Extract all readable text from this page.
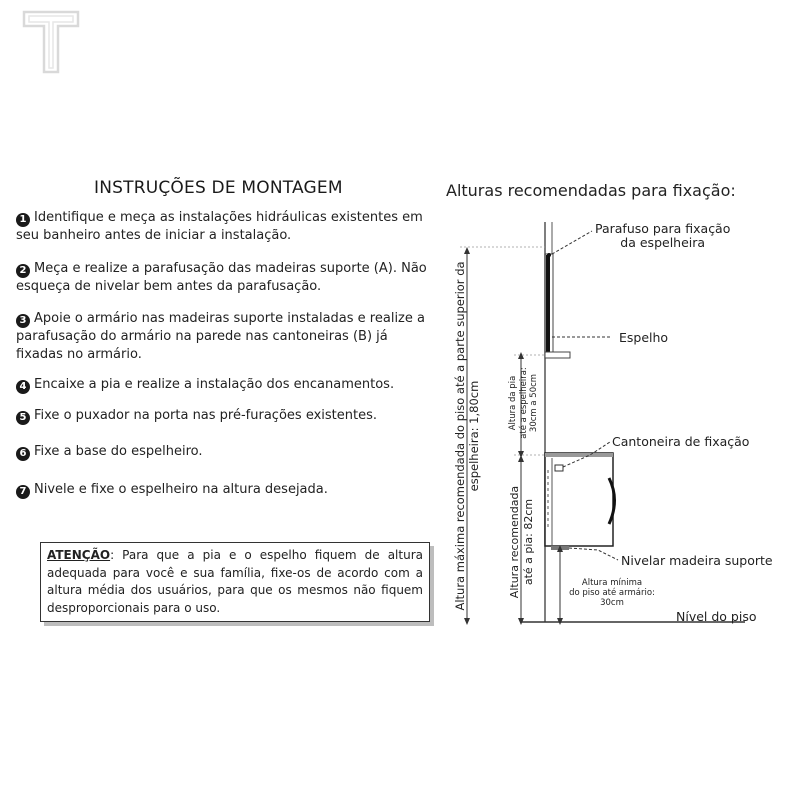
INSTRUÇÕES DE MONTAGEM
1 Identifique e meça as instalações hidráulicas existentes em seu banheiro antes de iniciar a instalação.
2 Meça e realize a parafusação das madeiras suporte (A). Não esqueça de nivelar bem antes da parafusação.
3 Apoie o armário nas madeiras suporte instaladas e realize a parafusação do armário na parede nas cantoneiras (B) já fixadas no armário.
4 Encaixe a pia e realize a instalação dos encanamentos.
5 Fixe o puxador na porta nas pré-furações existentes.
6 Fixe a base do espelheiro.
7 Nivele e fixe o espelheiro na altura desejada.
ATENÇÃO: Para que a pia e o espelho fiquem de altura adequada para você e sua família, fixe-os de acordo com a altura média dos usuários, para que os mesmos não fiquem desproporcionais para o uso.
Alturas recomendadas para fixação:
Parafuso para fixação
da espelheira
Espelho
Cantoneira de fixação
Nivelar madeira suporte
Nível do piso
Altura mínima
do piso até armário:
30cm
Altura máxima recomendada do piso até a parte superior da espelheira: 1,80cm
Altura recomendada até a pia: 82cm
Altura da pia até a espelheira: 30cm a 50cm
